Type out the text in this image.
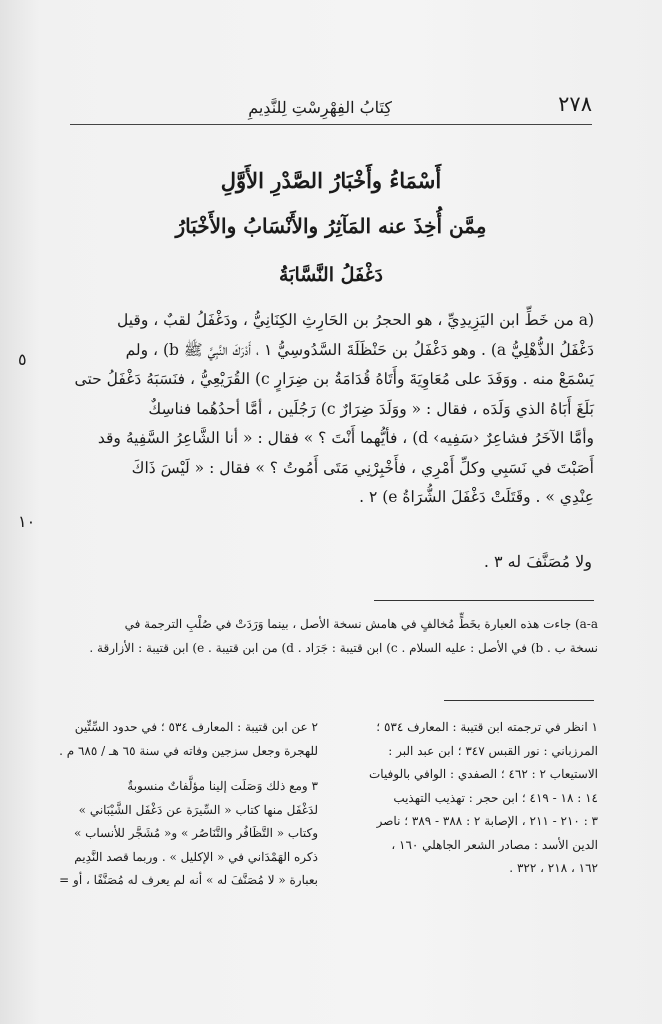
٢٧٨
كِتَابُ الفِهْرِسْتِ لِلنَّدِيمِ
أَسْمَاءُ وأَخْبَارُ الصَّدْرِ الأَوَّلِ
مِمَّن أُخِذَ عنه المَآثِرُ والأَنْسَابُ والأَخْبَارُ
دَغْفَلُ النَّسَّابَةُ
٥
١٠
(a من خَطِّ ابن اليَزِيدِيِّ ، هو الحجرُ بن الحَارِثِ الكِنَانِيُّ ، ودَغْفَلُ لقبٌ ، وقيل
دَغْفَلُ الذُّهْلِيُّ a) . وهو دَغْفَلُ بن حَنْظَلَةَ السَّدُوسِيُّ ١ ، أَدْرَكَ النَّبِيَّ ﷺ b) ، ولم
يَسْمَعْ منه . ووَفَدَ على مُعَاوِيَةَ وأَتَاهُ قُدَامَةُ بن ضِرَارٍ c) القُرَيْعِيُّ ، فنَسَبَهُ دَغْفَلُ حتى
بَلَغَ أَبَاهُ الذي وَلَدَه ، فقال : « ووَلَدَ ضِرَارٌ c) رَجُلَين ، أمَّا أحدُهُما فناسِكٌ
وأمَّا الآخَرُ فشاعِرٌ ‹سَفِيه› d) ، فأيُّهما أَنْتَ ؟ » فقال : « أنا الشَّاعِرُ السَّفِيهُ وقد
أَصَبْتَ في نَسَبِي وكلِّ أَمْرِي ، فأَخْبِرْنِي مَتَى أَمُوتُ ؟ » فقال : « لَيْسَ ذَاكَ
عِنْدِي » . وقَتَلَتْ دَغْفَلَ الشُّرَاةُ e) ٢ .
ولا مُصَنَّفَ له ٣ .
a-a) جاءت هذه العبارة بخَطٍّ مُخالفٍ في هامش نسخة الأصل ، بينما وَرَدَتْ في صُلْبِ الترجمة في
نسخة ب . b) في الأصل : عليه السلام . c) ابن قتيبة : جَرَاد . d) من ابن قتيبة . e) ابن قتيبة : الأزارقة .
١ انظر في ترجمته ابن قتيبة : المعارف ٥٣٤ ؛
المرزباني : نور القبس ٣٤٧ ؛ ابن عبد البر :
الاستيعاب ٢ : ٤٦٢ ؛ الصفدي : الوافي بالوفيات
١٤ : ١٨ - ٤١٩ ؛ ابن حجر : تهذيب التهذيب
٣ : ٢١٠ - ٢١١ ، الإصابة ٢ : ٣٨٨ - ٣٨٩ ؛ ناصر
الدين الأسد : مصادر الشعر الجاهلي ١٦٠ ،
١٦٢ ، ٢١٨ ، ٣٢٢ .
٢ عن ابن قتيبة : المعارف ٥٣٤ ؛ في حدود السِّتِّين
للهجرة وجعل سزجين وفاته في سنة ٦٥ هـ / ٦٨٥ م .
٣ ومع ذلك وَصَلَت إلينا مؤلَّفاتٌ منسوبةٌ
لدَغْفَل منها كتاب « السِّيرَة عن دَغْفَل الشَّيْبَاني »
وكتاب « التَّظَافُر والتَّنَاصُر » و« مُشَجَّر للأنساب »
ذكره الهَمْدَاني في « الإكليل » . وربما قصد النَّدِيم
بعبارة « لا مُصَنَّفَ له » أنه لم يعرف له مُصَنَّفًا ، أو =
